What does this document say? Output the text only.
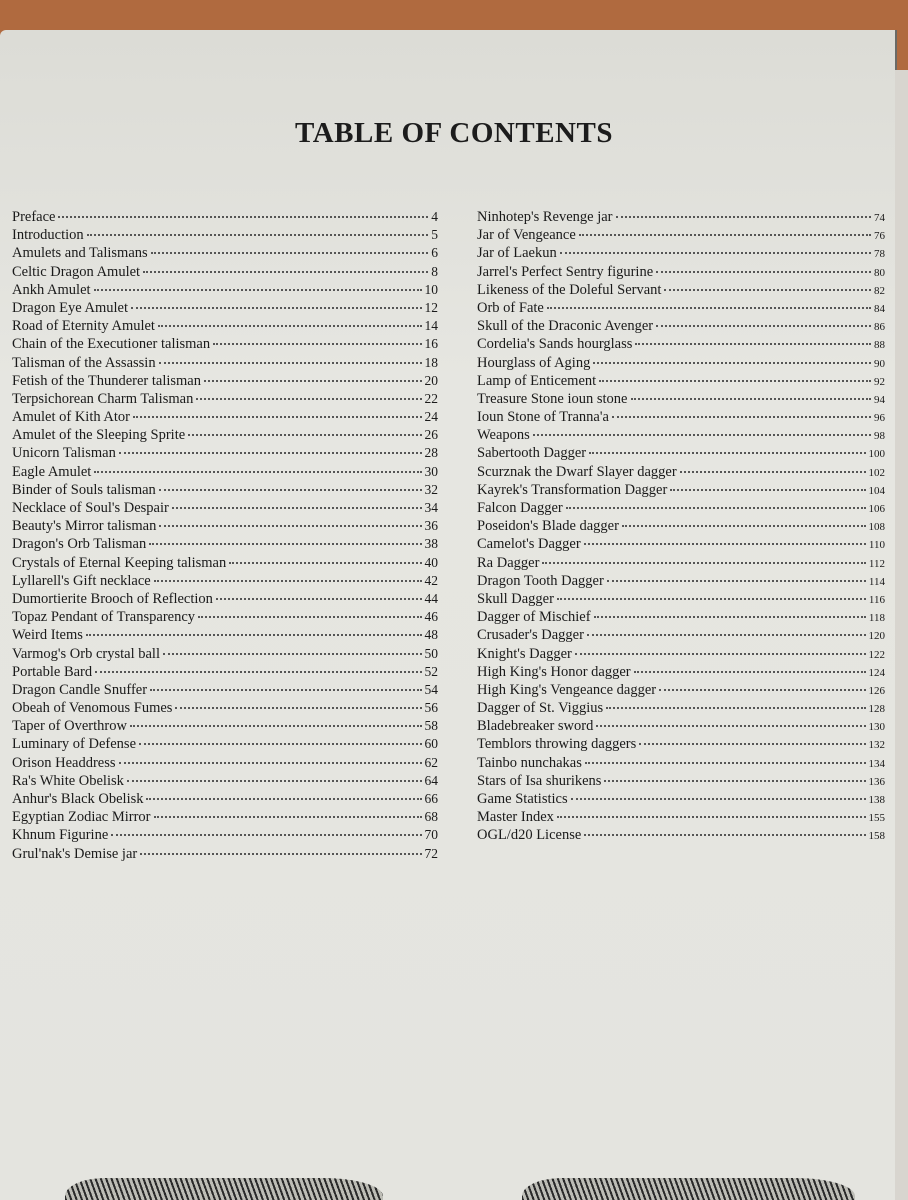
TABLE OF CONTENTS
Preface	4
Introduction	5
Amulets and Talismans	6
Celtic Dragon Amulet	8
Ankh Amulet	10
Dragon Eye Amulet	12
Road of Eternity Amulet	14
Chain of the Executioner talisman	16
Talisman of the Assassin	18
Fetish of the Thunderer talisman	20
Terpsichorean Charm Talisman	22
Amulet of Kith Ator	24
Amulet of the Sleeping Sprite	26
Unicorn Talisman	28
Eagle Amulet	30
Binder of Souls talisman	32
Necklace of Soul's Despair	34
Beauty's Mirror talisman	36
Dragon's Orb Talisman	38
Crystals of Eternal Keeping talisman	40
Lyllarell's Gift necklace	42
Dumortierite Brooch of Reflection	44
Topaz Pendant of Transparency	46
Weird Items	48
Varmog's Orb crystal ball	50
Portable Bard	52
Dragon Candle Snuffer	54
Obeah of Venomous Fumes	56
Taper of Overthrow	58
Luminary of Defense	60
Orison Headdress	62
Ra's White Obelisk	64
Anhur's Black Obelisk	66
Egyptian Zodiac Mirror	68
Khnum Figurine	70
Grul'nak's Demise jar	72
Ninhotep's Revenge jar	74
Jar of Vengeance	76
Jar of Laekun	78
Jarrel's Perfect Sentry figurine	80
Likeness of the Doleful Servant	82
Orb of Fate	84
Skull of the Draconic Avenger	86
Cordelia's Sands hourglass	88
Hourglass of Aging	90
Lamp of Enticement	92
Treasure Stone ioun stone	94
Ioun Stone of Tranna'a	96
Weapons	98
Sabertooth Dagger	100
Scurznak the Dwarf Slayer dagger	102
Kayrek's Transformation Dagger	104
Falcon Dagger	106
Poseidon's Blade dagger	108
Camelot's Dagger	110
Ra Dagger	112
Dragon Tooth Dagger	114
Skull Dagger	116
Dagger of Mischief	118
Crusader's Dagger	120
Knight's Dagger	122
High King's Honor dagger	124
High King's Vengeance dagger	126
Dagger of St. Viggius	128
Bladebreaker sword	130
Temblors throwing daggers	132
Tainbo nunchakas	134
Stars of Isa shurikens	136
Game Statistics	138
Master Index	155
OGL/d20 License	158
